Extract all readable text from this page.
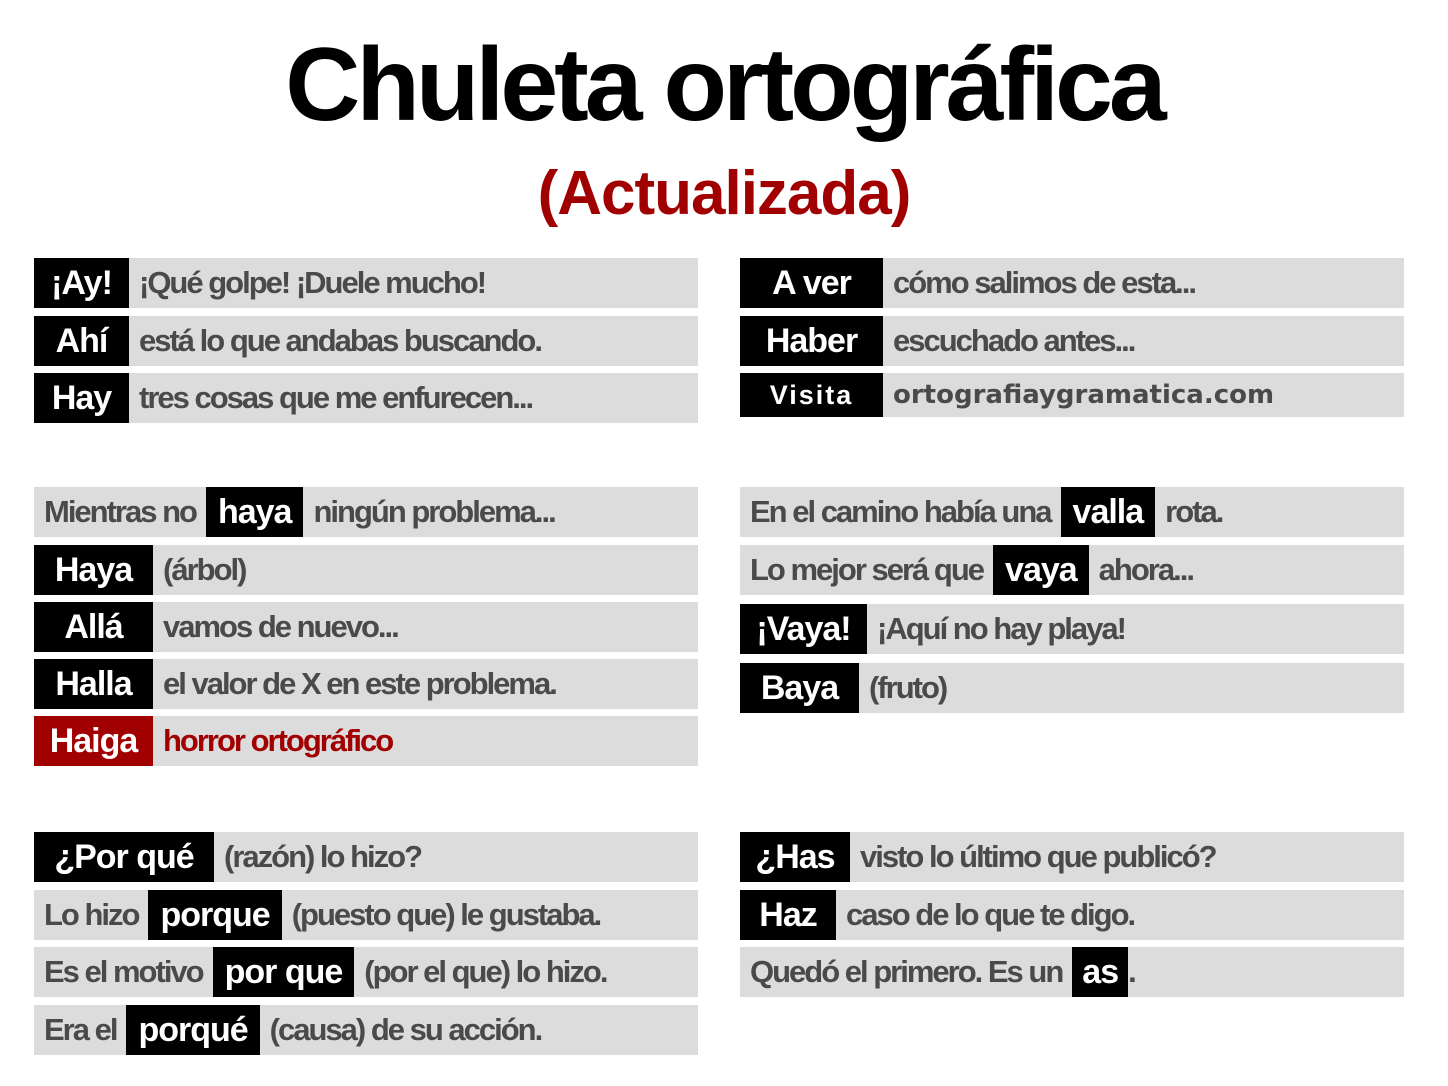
Chuleta ortográfica
(Actualizada)
¡Ay! ¡Qué golpe! ¡Duele mucho!
Ahí	está lo que andabas buscando.
Hay tres cosas que me enfurecen...
A ver	cómo salimos de esta...
Haber	escuchado antes...
Visita	ortografiaygramatica.com
Mientras no haya ningún problema...
Haya (árbol)
Allá	vamos de nuevo...
Halla	el valor de X en este problema.
Haiga horror ortográfico
En el camino había una valla rota.
Lo mejor será que vaya ahora...
¡Vaya! ¡Aquí no hay playa!
Baya (fruto)
¿Por qué (razón) lo hizo?
Lo hizo porque (puesto que) le gustaba.
Es el motivo por que (por el que) lo hizo.
Era el porqué (causa) de su acción.
¿Has visto lo último que publicó?
Haz caso de lo que te digo.
Quedó el primero. Es un as .
